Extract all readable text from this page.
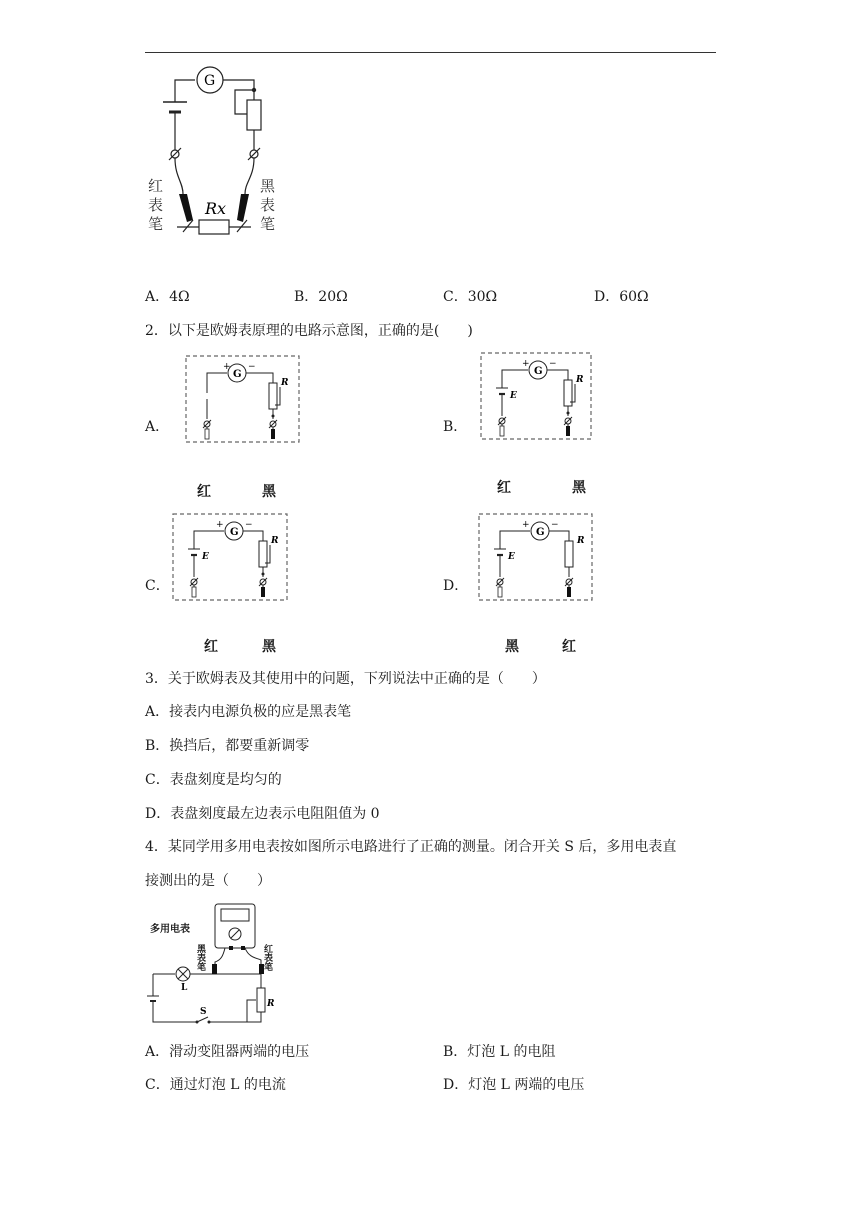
G
Rx
红
表
笔
黑
表
笔
A．4Ω	B．20Ω	C．30Ω	D．60Ω
2．以下是欧姆表原理的电路示意图，正确的是(　　)
A．
G
+ −
R
红	黑
B．
G
+ −
E
R
红	黑
C．
G
+ −
E
R
红	黑
D．
G
+ −
E
R
黑	红
3．关于欧姆表及其使用中的问题，下列说法中正确的是（　　）
A．接表内电源负极的应是黑表笔
B．换挡后，都要重新调零
C．表盘刻度是均匀的
D．表盘刻度最左边表示电阻阻值为 0
4．某同学用多用电表按如图所示电路进行了正确的测量。闭合开关 S 后，多用电表直
接测出的是（　　）
L
S
R
多用电表
黑表笔
红表笔
A．滑动变阻器两端的电压	B．灯泡 L 的电阻
C．通过灯泡 L 的电流	D．灯泡 L 两端的电压
